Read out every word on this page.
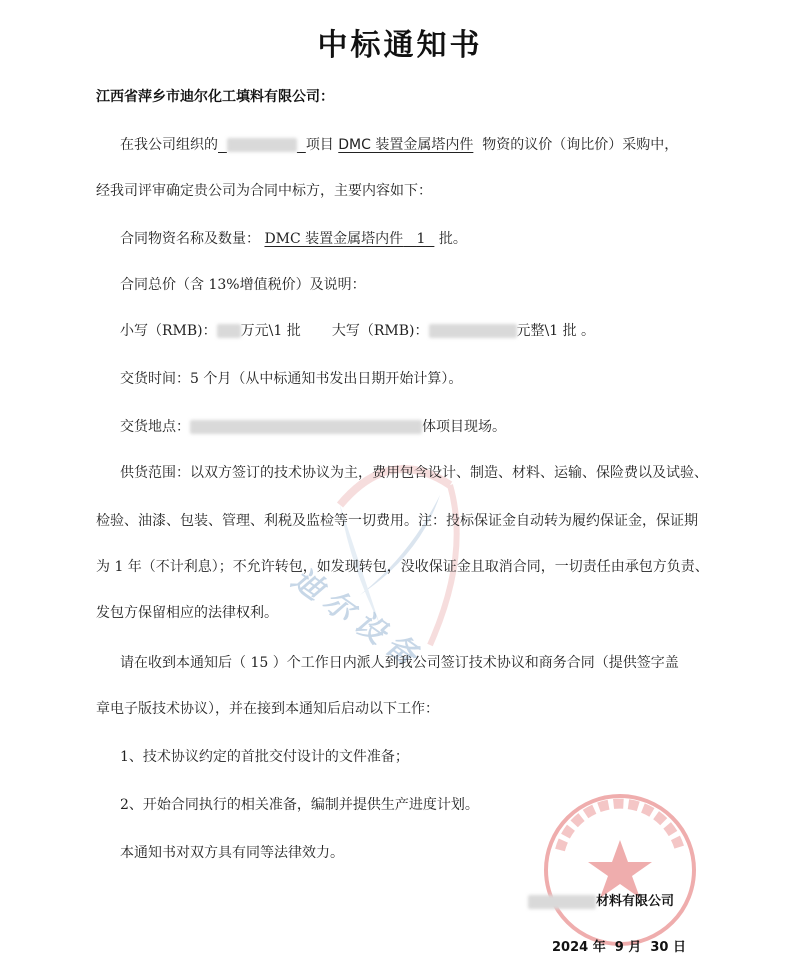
中标通知书
江西省萍乡市迪尔化工填料有限公司：
在我公司组织的	项目 DMC 装置金属塔内件 物资的议价（询比价）采购中，
经我司评审确定贵公司为合同中标方，主要内容如下：
合同物资名称及数量： DMC 装置金属塔内件 1 批。
合同总价（含 13%增值税价）及说明：
小写（RMB)： 万元\1 批 大写（RMB)：	元整\1 批 。
交货时间：5 个月（从中标通知书发出日期开始计算）。
交货地点：	体项目现场。
迪尔设备
供货范围：以双方签订的技术协议为主，费用包含设计、制造、材料、运输、保险费以及试验、
检验、油漆、包装、管理、利税及监检等一切费用。注：投标保证金自动转为履约保证金，保证期
为 1 年（不计利息）；不允许转包，如发现转包，没收保证金且取消合同，一切责任由承包方负责、
发包方保留相应的法律权利。
请在收到本通知后（ 15 ）个工作日内派人到我公司签订技术协议和商务合同（提供签字盖
章电子版技术协议），并在接到本通知后启动以下工作：
1、技术协议约定的首批交付设计的文件准备；
2、开始合同执行的相关准备，编制并提供生产进度计划。
本通知书对双方具有同等法律效力。
材料有限公司
2024 年  9 月  30 日
